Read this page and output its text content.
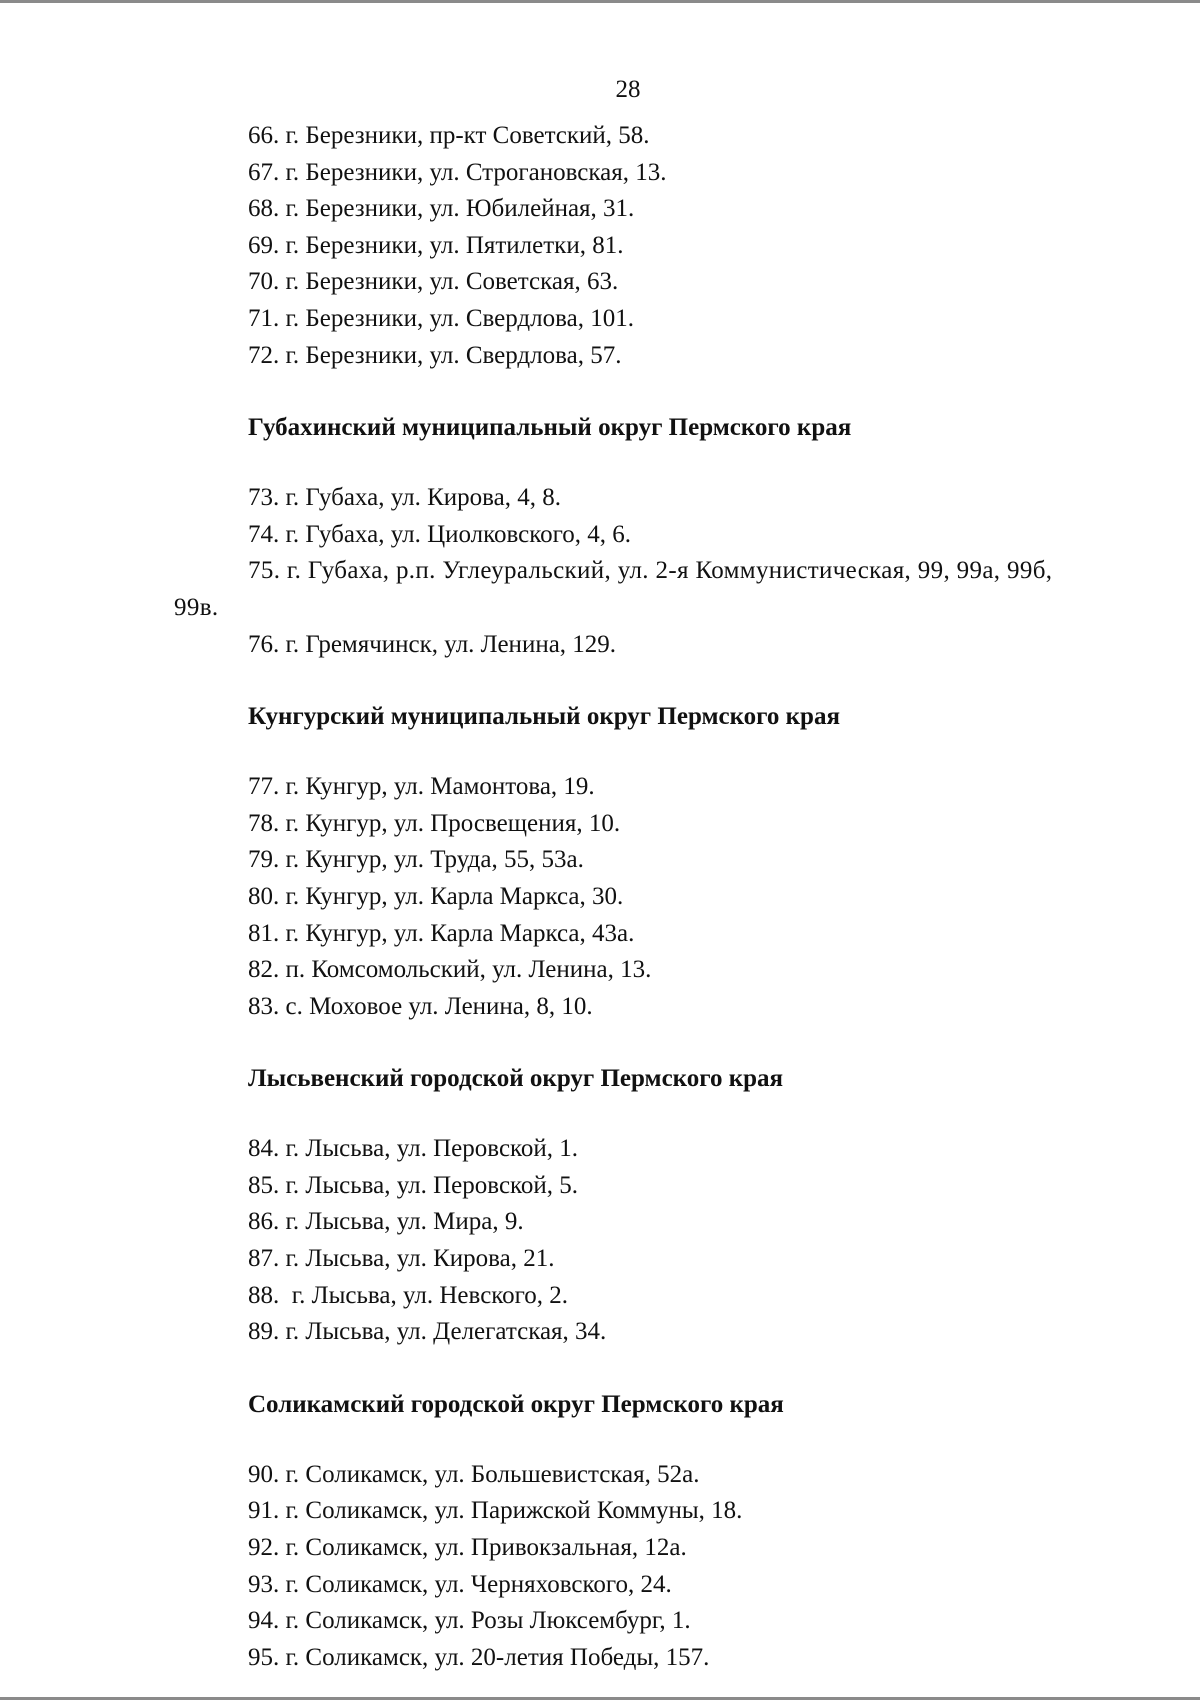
28

66. г. Березники, пр-кт Советский, 58.

67. г. Березники, ул. Строгановская, 13.

68. г. Березники, ул. Юбилейная, 31.

69. г. Березники, ул. Пятилетки, 81.

70. г. Березники, ул. Советская, 63.

71. г. Березники, ул. Свердлова, 101.

72. г. Березники, ул. Свердлова, 57.

Губахинский муниципальный округ Пермского края

73. г. Губаха, ул. Кирова, 4, 8.

74. г. Губаха, ул. Циолковского, 4, 6.

75. г. Губаха, р.п. Углеуральский, ул. 2-я Коммунистическая, 99, 99а, 99б, 99в.

76. г. Гремячинск, ул. Ленина, 129.

Кунгурский муниципальный округ Пермского края

77. г. Кунгур, ул. Мамонтова, 19.

78. г. Кунгур, ул. Просвещения, 10.

79. г. Кунгур, ул. Труда, 55, 53а.

80. г. Кунгур, ул. Карла Маркса, 30.

81. г. Кунгур, ул. Карла Маркса, 43а.

82. п. Комсомольский, ул. Ленина, 13.

83. с. Моховое ул. Ленина, 8, 10.

Лысьвенский городской округ Пермского края

84. г. Лысьва, ул. Перовской, 1.

85. г. Лысьва, ул. Перовской, 5.

86. г. Лысьва, ул. Мира, 9.

87. г. Лысьва, ул. Кирова, 21.

88.  г. Лысьва, ул. Невского, 2.

89. г. Лысьва, ул. Делегатская, 34.

Соликамский городской округ Пермского края

90. г. Соликамск, ул. Большевистская, 52а.

91. г. Соликамск, ул. Парижской Коммуны, 18.

92. г. Соликамск, ул. Привокзальная, 12а.

93. г. Соликамск, ул. Черняховского, 24.

94. г. Соликамск, ул. Розы Люксембург, 1.

95. г. Соликамск, ул. 20-летия Победы, 157.
